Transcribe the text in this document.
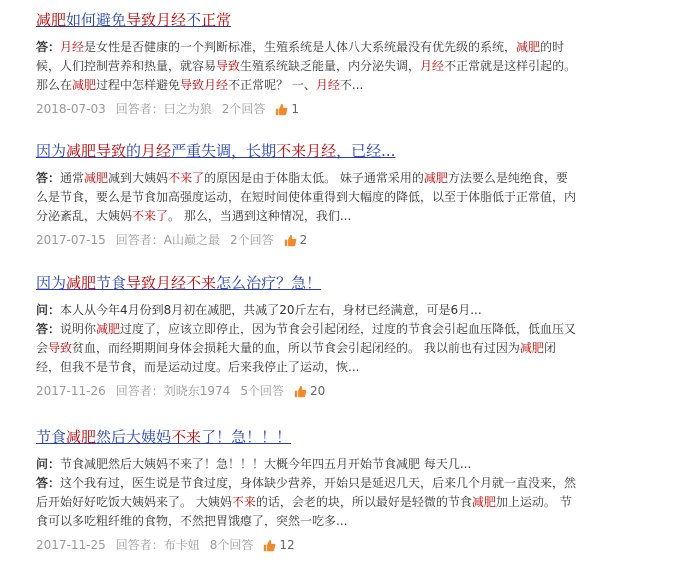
减肥如何避免导致月经不正常
答：月经是女性是否健康的一个判断标准，生殖系统是人体八大系统最没有优先级的系统，减肥的时
候，人们控制营养和热量，就容易导致生殖系统缺乏能量，内分泌失调，月经不正常就是这样引起的。
那么在减肥过程中怎样避免导致月经不正常呢？ 一、月经不...
2018-07-03 回答者：曰之为狼 2个回答 1
因为减肥导致的月经严重失调，长期不来月经，已经...
答：通常减肥减到大姨妈不来了的原因是由于体脂太低。 妹子通常采用的减肥方法要么是纯绝食，要
么是节食，要么是节食加高强度运动，在短时间使体重得到大幅度的降低，以至于体脂低于正常值，内
分泌紊乱，大姨妈不来了。 那么，当遇到这种情况，我们...
2017-07-15 回答者：A山巅之最 2个回答 2
因为减肥节食导致月经不来怎么治疗？急！
问：本人从今年4月份到8月初在减肥，共减了20斤左右，身材已经满意，可是6月...
答：说明你减肥过度了，应该立即停止，因为节食会引起闭经，过度的节食会引起血压降低，低血压又
会导致贫血，而经期期间身体会损耗大量的血，所以节食会引起闭经的。 我以前也有过因为减肥闭
经，但我不是节食，而是运动过度。后来我停止了运动，恢...
2017-11-26 回答者：刘晓东1974 5个回答 20
节食减肥然后大姨妈不来了！急！！！
问：节食减肥然后大姨妈不来了！急！！！大概今年四五月开始节食减肥 每天几...
答：这个我有过，医生说是节食过度，身体缺少营养，开始只是延迟几天，后来几个月就一直没来，然
后开始好好吃饭大姨妈来了。 大姨妈不来的话，会老的块，所以最好是轻微的节食减肥加上运动。 节
食可以多吃粗纤维的食物，不然把胃饿瘪了，突然一吃多...
2017-11-25 回答者：布卡妞 8个回答 12
